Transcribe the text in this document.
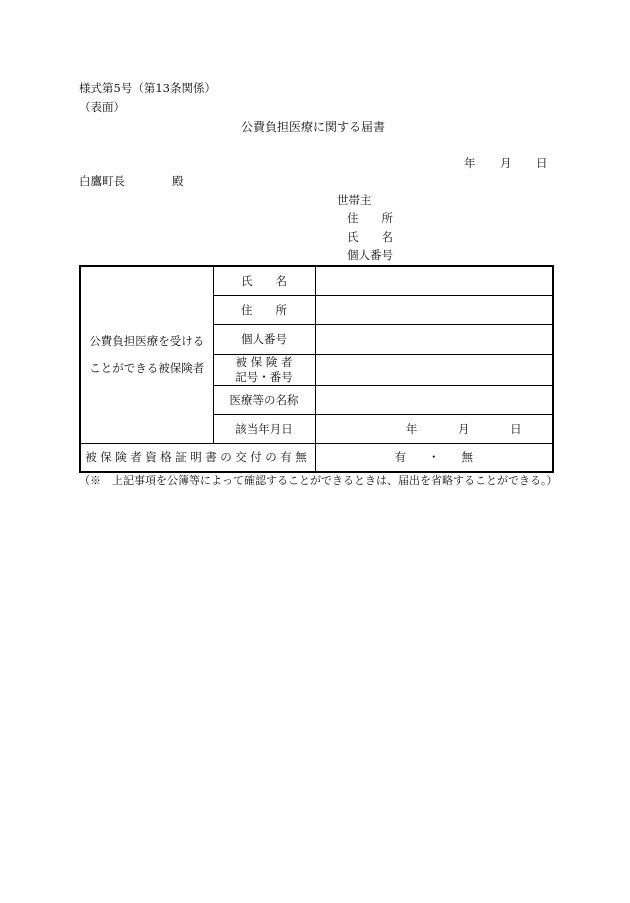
様式第5号（第13条関係）
（表面）
公費負担医療に関する届書
年 月 日
白鷹町長	殿
世帯主
住　　所
氏　　名
個人番号
公費負担医療を受ける
ことができる被保険者	氏　　名	
	住　　所	
	個人番号	

	被 保 険 者
記号・番号	

	医療等の名称	
	該当年月日	年 月 日

被保険者資格証明書の交付の有無		有 ・ 無
（※　上記事項を公簿等によって確認することができるときは、届出を省略することができる。）
